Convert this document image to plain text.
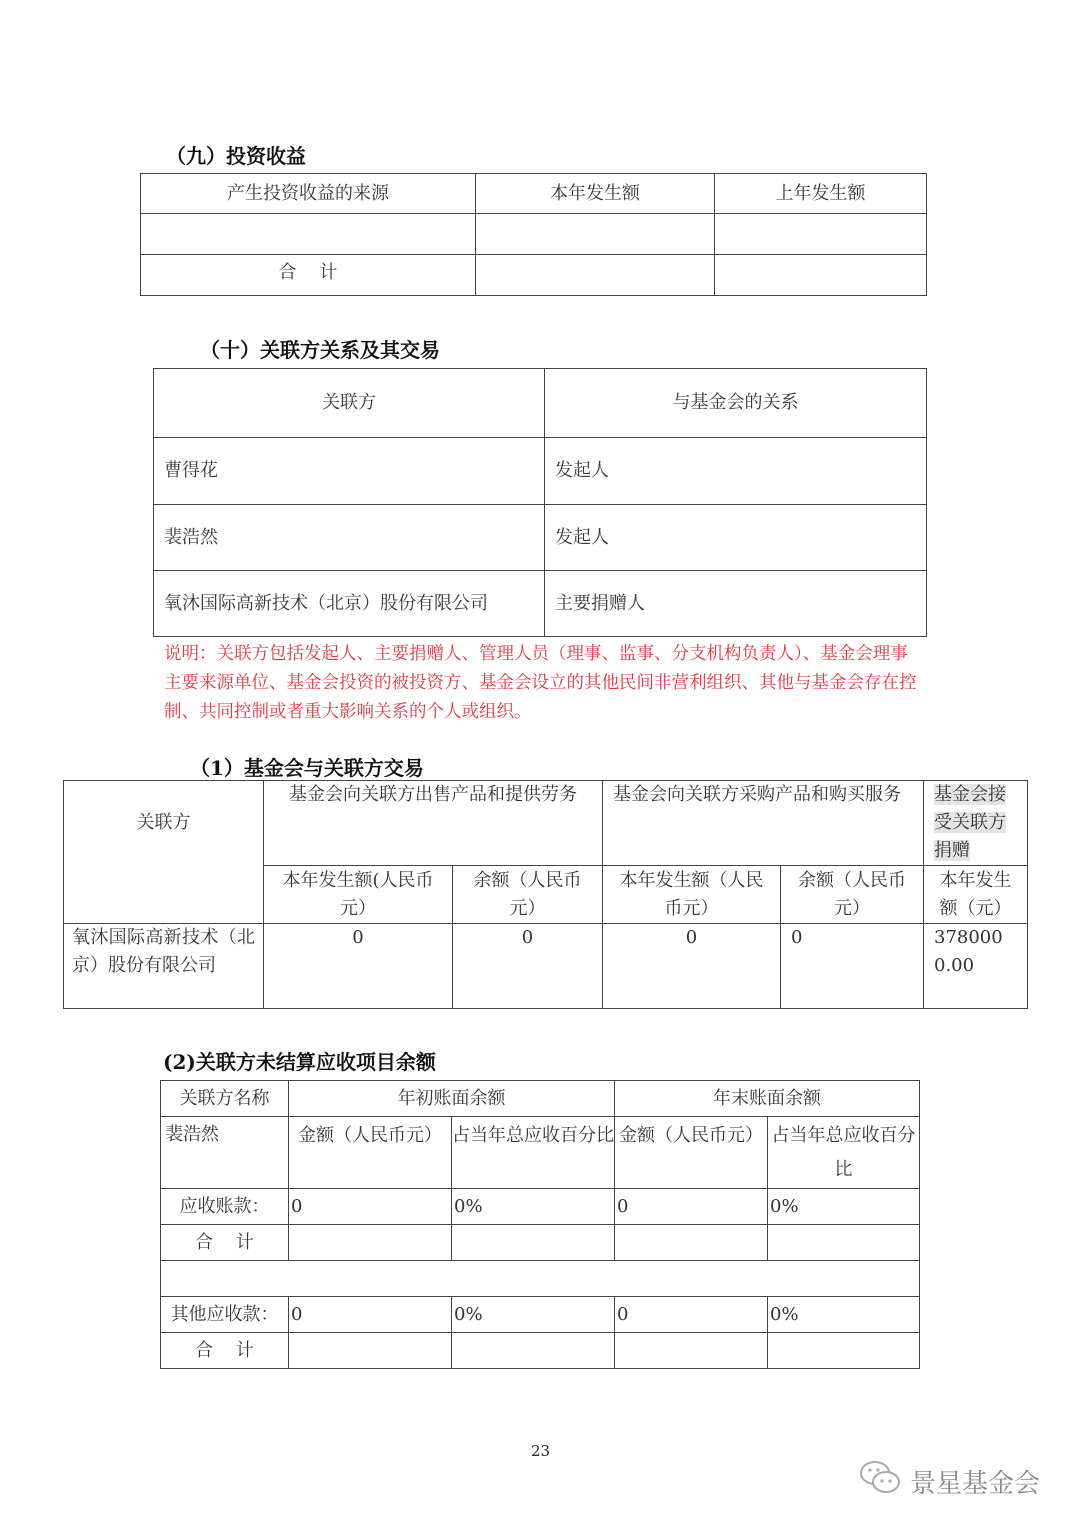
（九）投资收益
产生投资收益的来源	本年发生额	上年发生额

合    计		
（十）关联方关系及其交易
关联方	与基金会的关系
曹得花	发起人
裴浩然	发起人
氧沐国际高新技术（北京）股份有限公司	主要捐赠人
说明：关联方包括发起人、主要捐赠人、管理人员（理事、监事、分支机构负责人）、基金会理事主要来源单位、基金会投资的被投资方、基金会设立的其他民间非营利组织、其他与基金会存在控制、共同控制或者重大影响关系的个人或组织。
（1）基金会与关联方交易
关联方	基金会向关联方出售产品和提供劳务		基金会向关联方采购产品和购买服务		基金会接受关联方捐赠
	本年发生额(人民币元）	余额（人民币元）	本年发生额（人民币元）	余额（人民币元）	本年发生额（元）
氧沐国际高新技术（北京）股份有限公司	0	0	0	0	3780000.00
(2)关联方未结算应收项目余额
关联方名称	年初账面余额		年末账面余额	
裴浩然	金额（人民币元）	占当年总应收百分比	金额（人民币元）	占当年总应收百分比
应收账款：	0	0%	0	0%
合    计				

其他应收款：	0	0%	0	0%
合    计				
23
景星基金会
